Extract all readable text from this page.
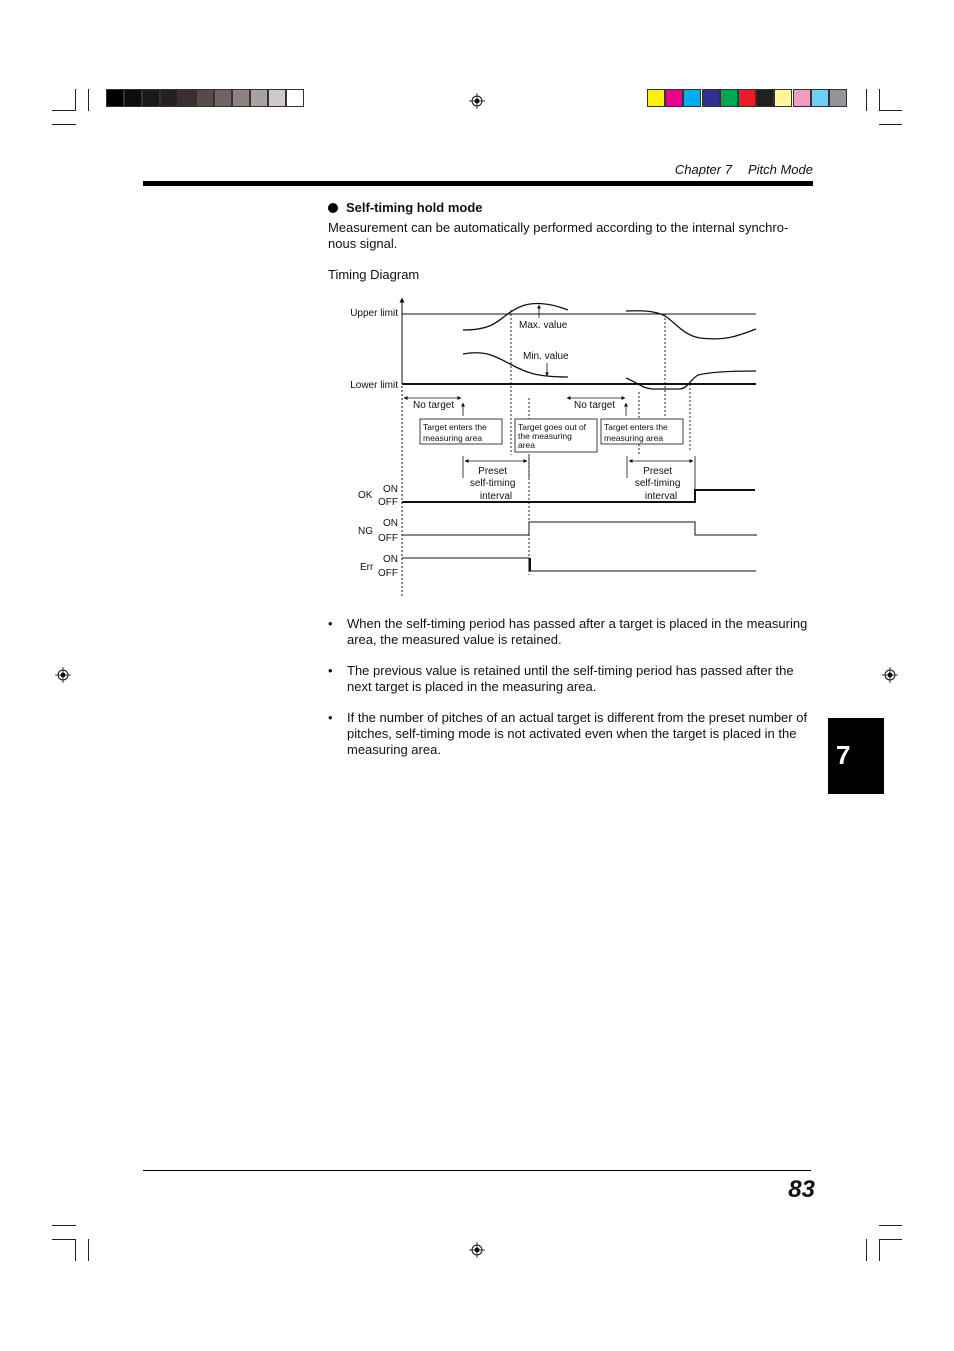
Chapter 7 Pitch Mode
Self-timing hold mode
Measurement can be automatically performed according to the internal synchro-nous signal.
Timing Diagram
Upper limit
Lower limit
Max. value
Min. value
No target	No target
Target enters the measuring area
Target goes out of the measuring area
Target enters the measuring area
Preset self-timing interval
Preset self-timing interval
OK
ON
OFF
NG
ON
OFF
Err
ON
OFF
• When the self-timing period has passed after a target is placed in the measuring area, the measured value is retained.
• The previous value is retained until the self-timing period has passed after the next target is placed in the measuring area.
• If the number of pitches of an actual target is different from the preset number of pitches, self-timing mode is not activated even when the target is placed in the measuring area.	7
83
